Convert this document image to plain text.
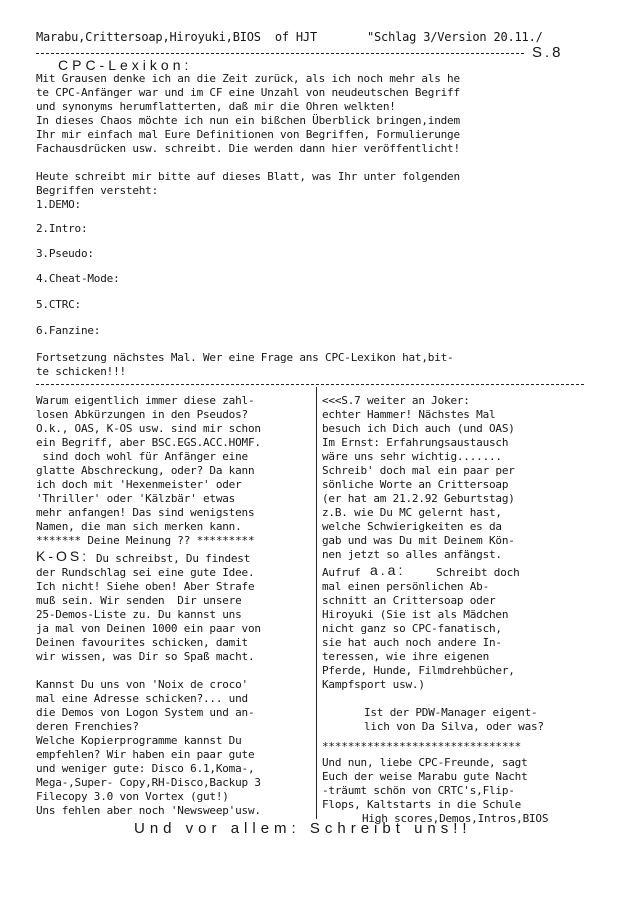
Marabu,Crittersoap,Hiroyuki,BIOS  of HJT	"Schlag 3/Version 20.11./
S.8
CPC-Lexikon:
Mit Grausen denke ich an die Zeit zurück, als ich noch mehr als he
te CPC-Anfänger war und im CF eine Unzahl von neudeutschen Begriff
und synonyms herumflatterten, daß mir die Ohren welkten!
In dieses Chaos möchte ich nun ein bißchen Überblick bringen,indem
Ihr mir einfach mal Eure Definitionen von Begriffen, Formulierunge
Fachausdrücken usw. schreibt. Die werden dann hier veröffentlicht!
Heute schreibt mir bitte auf dieses Blatt, was Ihr unter folgenden
Begriffen versteht:
1.DEMO:
2.Intro:
3.Pseudo:
4.Cheat-Mode:
5.CTRC:
6.Fanzine:
Fortsetzung nächstes Mal. Wer eine Frage ans CPC-Lexikon hat,bit-
te schicken!!!
Warum eigentlich immer diese zahl-
losen Abkürzungen in den Pseudos?
O.k., OAS, K-OS usw. sind mir schon
ein Begriff, aber BSC.EGS.ACC.HOMF.
sind doch wohl für Anfänger eine
glatte Abschreckung, oder? Da kann
ich doch mit 'Hexenmeister' oder
'Thriller' oder 'Kälzbär' etwas
mehr anfangen! Das sind wenigstens
Namen, die man sich merken kann.
******* Deine Meinung ?? *********
K-OS: Du schreibst, Du findest
der Rundschlag sei eine gute Idee.
Ich nicht! Siehe oben! Aber Strafe
muß sein. Wir senden  Dir unsere
25-Demos-Liste zu. Du kannst uns
ja mal von Deinen 1000 ein paar von
Deinen favourites schicken, damit
wir wissen, was Dir so Spaß macht.
Kannst Du uns von 'Noix de croco'
mal eine Adresse schicken?... und
die Demos von Logon System und an-
deren Frenchies?
Welche Kopierprogramme kannst Du
empfehlen? Wir haben ein paar gute
und weniger gute: Disco 6.1,Koma-,
Mega-,Super- Copy,RH-Disco,Backup 3
Filecopy 3.0 von Vortex (gut!)
Uns fehlen aber noch 'Newsweep'usw.
<<<S.7 weiter an Joker:
echter Hammer! Nächstes Mal
besuch ich Dich auch (und OAS)
Im Ernst: Erfahrungsaustausch
wäre uns sehr wichtig.......
Schreib' doch mal ein paar per
sönliche Worte an Crittersoap
(er hat am 21.2.92 Geburtstag)
z.B. wie Du MC gelernt hast,
welche Schwierigkeiten es da
gab und was Du mit Deinem Kön-
nen jetzt so alles anfängst.
Aufruf a.a:	Schreibt doch
mal einen persönlichen Ab-
schnitt an Crittersoap oder
Hiroyuki (Sie ist als Mädchen
nicht ganz so CPC-fanatisch,
sie hat auch noch andere In-
teressen, wie ihre eigenen
Pferde, Hunde, Filmdrehbücher,
Kampfsport usw.)
Ist der PDW-Manager eigent-
lich von Da Silva, oder was?
*******************************
Und nun, liebe CPC-Freunde, sagt
Euch der weise Marabu gute Nacht
-träumt schön von CRTC's,Flip-
Flops, Kaltstarts in die Schule
High scores,Demos,Intros,BIOS
Und vor allem: Schreibt uns!!
